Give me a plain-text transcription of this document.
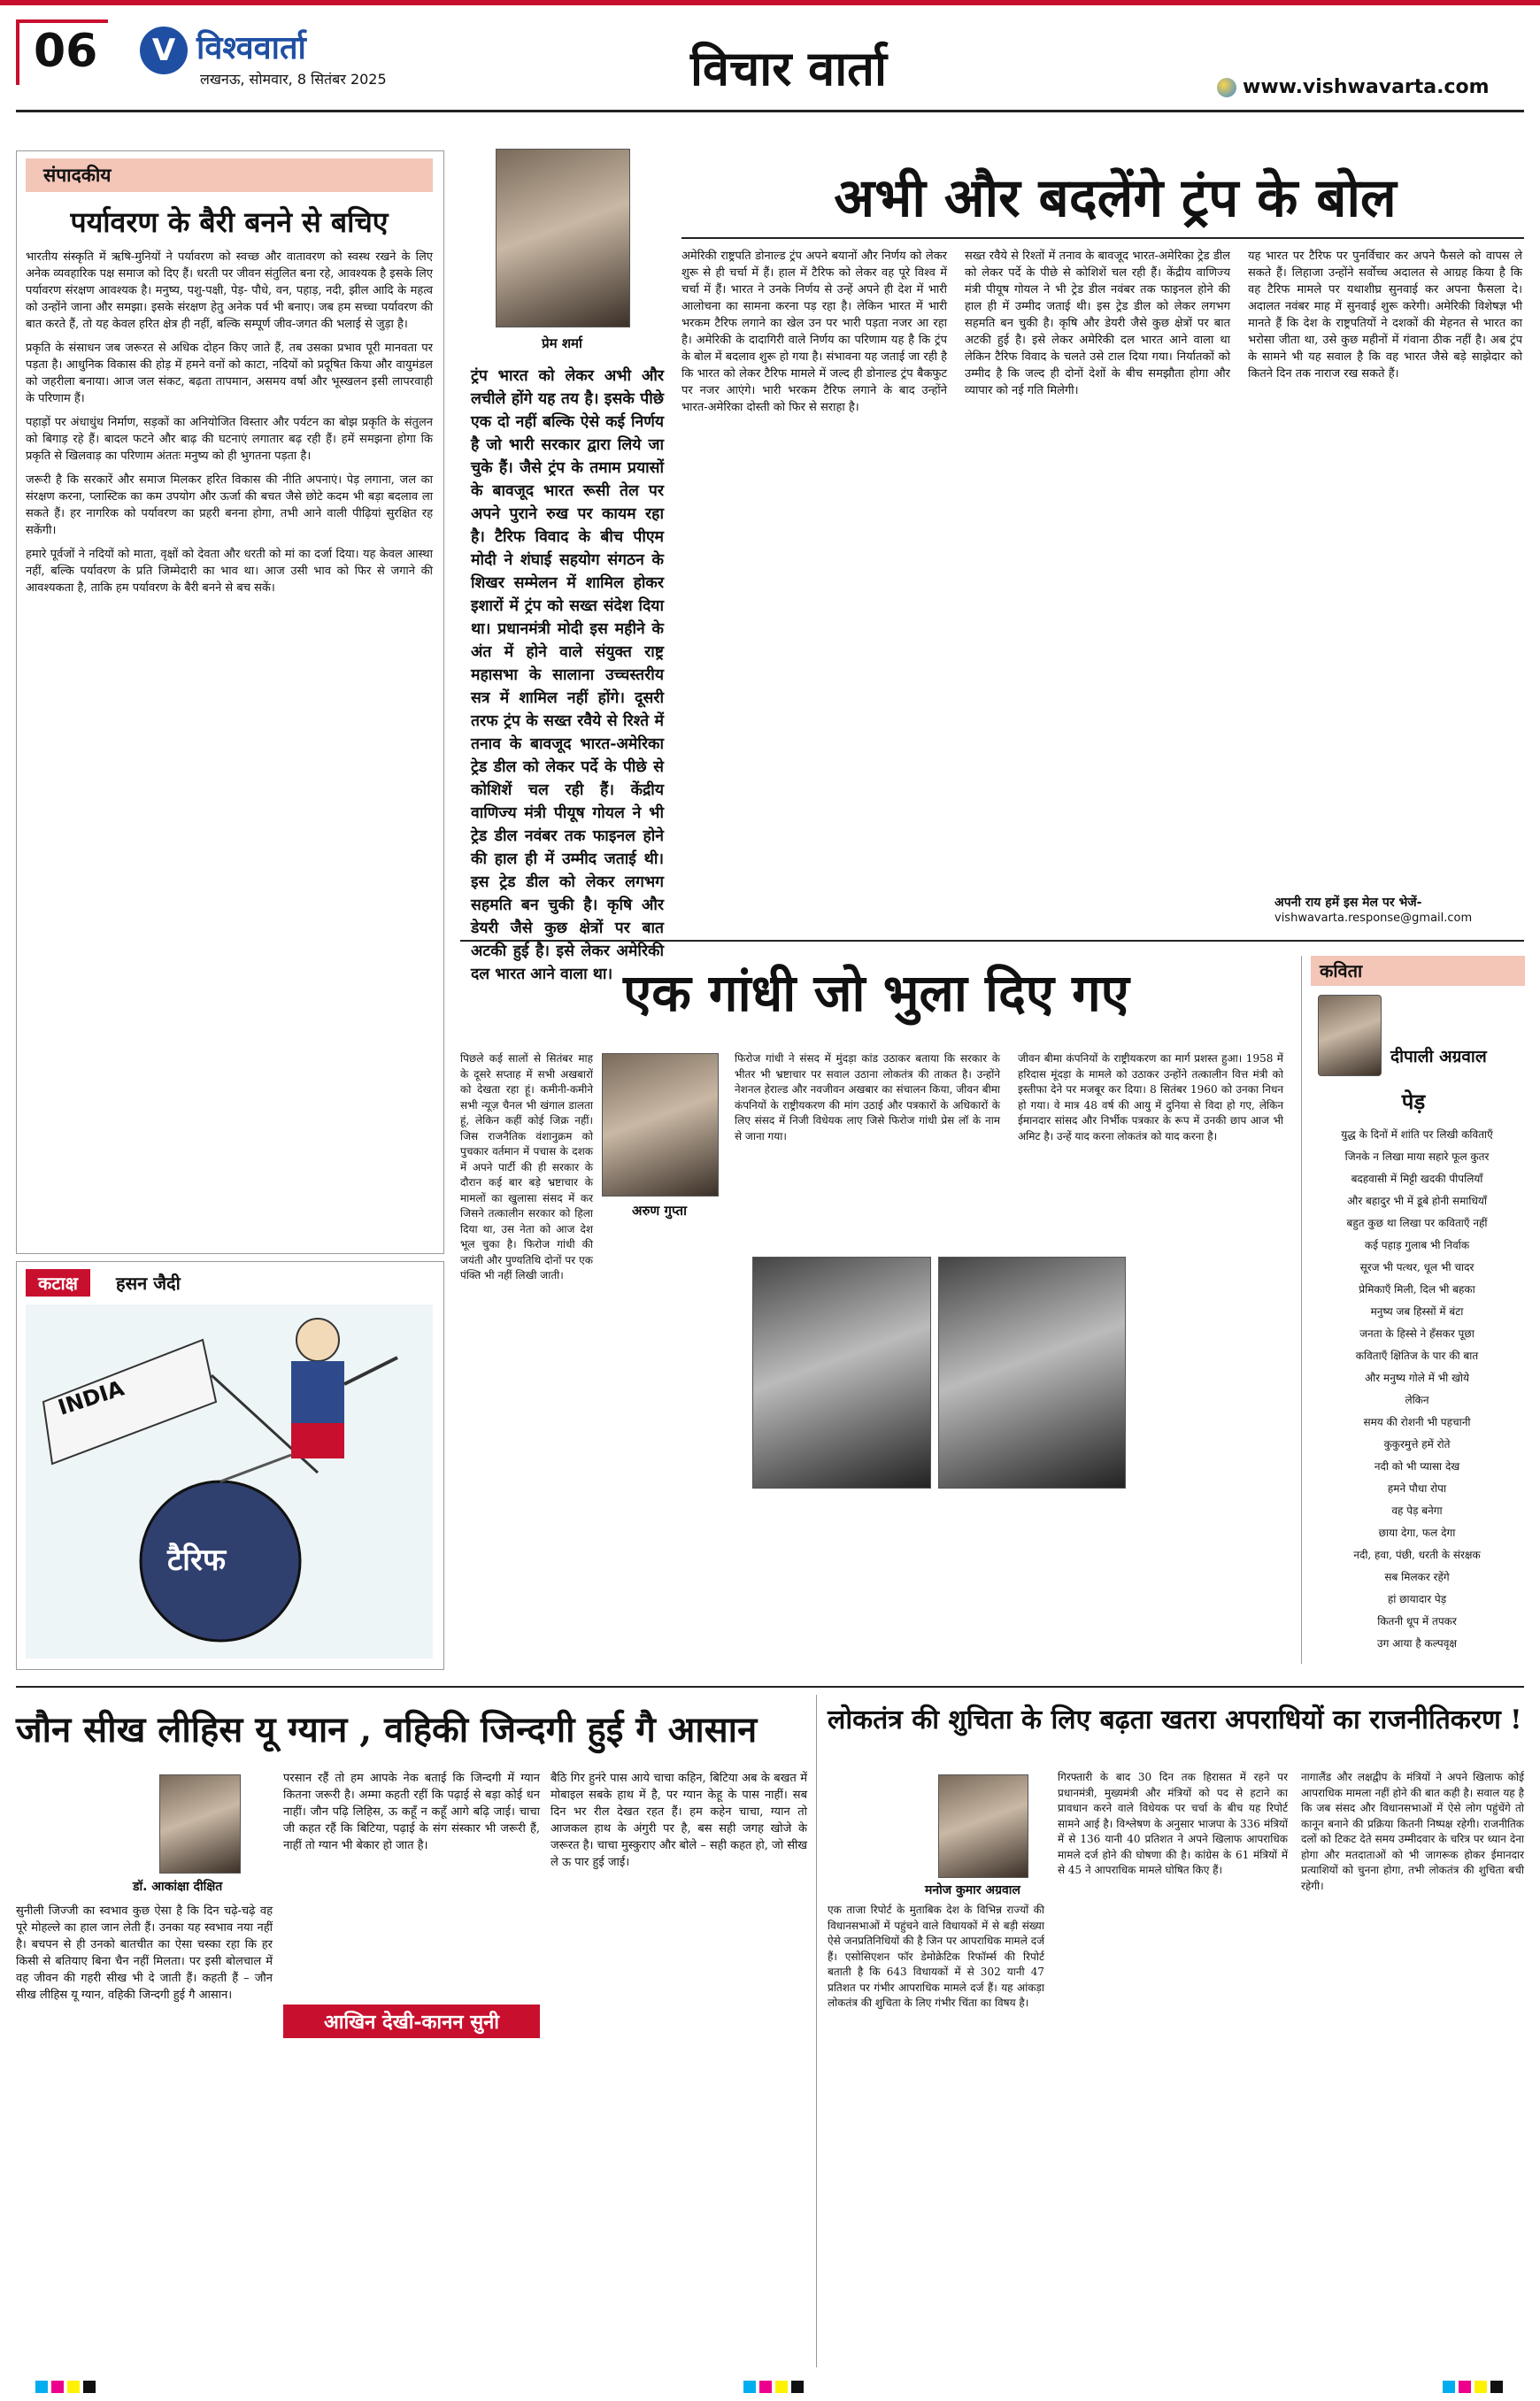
06	V विश्ववार्ता
लखनऊ, सोमवार, 8 सितंबर 2025	विचार वार्ता	www.vishwavarta.com
संपादकीय
पर्यावरण के बैरी बनने से बचिए

भारतीय संस्कृति में ऋषि-मुनियों ने पर्यावरण को स्वच्छ और वातावरण को स्वस्थ रखने के लिए अनेक व्यवहारिक पक्ष समाज को दिए हैं। धरती पर जीवन संतुलित बना रहे, आवश्यक है इसके लिए पर्यावरण संरक्षण आवश्यक है। मनुष्य, पशु-पक्षी, पेड़- पौधे, वन, पहाड़, नदी, झील आदि के महत्व को उन्होंने जाना और समझा। इसके संरक्षण हेतु अनेक पर्व भी बनाए। जब हम सच्चा पर्यावरण की बात करते हैं, तो यह केवल हरित क्षेत्र ही नहीं, बल्कि सम्पूर्ण जीव-जगत की भलाई से जुड़ा है।

प्रकृति के संसाधन जब जरूरत से अधिक दोहन किए जाते हैं, तब उसका प्रभाव पूरी मानवता पर पड़ता है। आधुनिक विकास की होड़ में हमने वनों को काटा, नदियों को प्रदूषित किया और वायुमंडल को जहरीला बनाया। आज जल संकट, बढ़ता तापमान, असमय वर्षा और भूस्खलन इसी लापरवाही के परिणाम हैं।

पहाड़ों पर अंधाधुंध निर्माण, सड़कों का अनियोजित विस्तार और पर्यटन का बोझ प्रकृति के संतुलन को बिगाड़ रहे हैं। बादल फटने और बाढ़ की घटनाएं लगातार बढ़ रही हैं। हमें समझना होगा कि प्रकृति से खिलवाड़ का परिणाम अंततः मनुष्य को ही भुगतना पड़ता है।

जरूरी है कि सरकारें और समाज मिलकर हरित विकास की नीति अपनाएं। पेड़ लगाना, जल का संरक्षण करना, प्लास्टिक का कम उपयोग और ऊर्जा की बचत जैसे छोटे कदम भी बड़ा बदलाव ला सकते हैं। हर नागरिक को पर्यावरण का प्रहरी बनना होगा, तभी आने वाली पीढ़ियां सुरक्षित रह सकेंगी।

हमारे पूर्वजों ने नदियों को माता, वृक्षों को देवता और धरती को मां का दर्जा दिया। यह केवल आस्था नहीं, बल्कि पर्यावरण के प्रति जिम्मेदारी का भाव था। आज उसी भाव को फिर से जगाने की आवश्यकता है, ताकि हम पर्यावरण के बैरी बनने से बच सकें।

कटाक्ष	हसन जैदी
INDIA
टैरिफ
प्रेम शर्मा
ट्रंप भारत को लेकर अभी और लचीले होंगे यह तय है। इसके पीछे एक दो नहीं बल्कि ऐसे कई निर्णय है जो भारी सरकार द्वारा लिये जा चुके हैं। जैसे ट्रंप के तमाम प्रयासों के बावजूद भारत रूसी तेल पर अपने पुराने रुख पर कायम रहा है। टैरिफ विवाद के बीच पीएम मोदी ने शंघाई सहयोग संगठन के शिखर सम्मेलन में शामिल होकर इशारों में ट्रंप को सख्त संदेश दिया था। प्रधानमंत्री मोदी इस महीने के अंत में होने वाले संयुक्त राष्ट्र महासभा के सालाना उच्चस्तरीय सत्र में शामिल नहीं होंगे। दूसरी तरफ ट्रंप के सख्त रवैये से रिश्ते में तनाव के बावजूद भारत-अमेरिका ट्रेड डील को लेकर पर्दे के पीछे से कोशिशें चल रही हैं। केंद्रीय वाणिज्य मंत्री पीयूष गोयल ने भी ट्रेड डील नवंबर तक फाइनल होने की हाल ही में उम्मीद जताई थी। इस ट्रेड डील को लेकर लगभग सहमति बन चुकी है। कृषि और डेयरी जैसे कुछ क्षेत्रों पर बात अटकी हुई है। इसे लेकर अमेरिकी दल भारत आने वाला था।
अभी और बदलेंगे ट्रंप के बोल

अमेरिकी राष्ट्रपति डोनाल्ड ट्रंप अपने बयानों और निर्णय को लेकर शुरू से ही चर्चा में हैं। हाल में टैरिफ को लेकर वह पूरे विश्व में चर्चा में हैं। भारत ने उनके निर्णय से उन्हें अपने ही देश में भारी आलोचना का सामना करना पड़ रहा है। लेकिन भारत में भारी भरकम टैरिफ लगाने का खेल उन पर भारी पड़ता नजर आ रहा है। अमेरिकी के दादागिरी वाले निर्णय का परिणाम यह है कि ट्रंप के बोल में बदलाव शुरू हो गया है। संभावना यह जताई जा रही है कि भारत को लेकर टैरिफ मामले में जल्द ही डोनाल्ड ट्रंप बैकफुट पर नजर आएंगे। भारी भरकम टैरिफ लगाने के बाद उन्होंने भारत-अमेरिका दोस्ती को फिर से सराहा है।

सख्त रवैये से रिश्तों में तनाव के बावजूद भारत-अमेरिका ट्रेड डील को लेकर पर्दे के पीछे से कोशिशें चल रही हैं। केंद्रीय वाणिज्य मंत्री पीयूष गोयल ने भी ट्रेड डील नवंबर तक फाइनल होने की हाल ही में उम्मीद जताई थी। इस ट्रेड डील को लेकर लगभग सहमति बन चुकी है। कृषि और डेयरी जैसे कुछ क्षेत्रों पर बात अटकी हुई है। इसे लेकर अमेरिकी दल भारत आने वाला था लेकिन टैरिफ विवाद के चलते उसे टाल दिया गया। निर्यातकों को उम्मीद है कि जल्द ही दोनों देशों के बीच समझौता होगा और व्यापार को नई गति मिलेगी।

यह भारत पर टैरिफ पर पुनर्विचार कर अपने फैसले को वापस ले सकते हैं। लिहाजा उन्होंने सर्वोच्च अदालत से आग्रह किया है कि वह टैरिफ मामले पर यथाशीघ्र सुनवाई कर अपना फैसला दे। अदालत नवंबर माह में सुनवाई शुरू करेगी। अमेरिकी विशेषज्ञ भी मानते हैं कि देश के राष्ट्रपतियों ने दशकों की मेहनत से भारत का भरोसा जीता था, उसे कुछ महीनों में गंवाना ठीक नहीं है। अब ट्रंप के सामने भी यह सवाल है कि वह भारत जैसे बड़े साझेदार को कितने दिन तक नाराज रख सकते हैं।

अपनी राय हमें इस मेल पर भेजें-
vishwavarta.response@gmail.com
एक गांधी जो भुला दिए गए
अरुण गुप्ता

पिछले कई सालों से सितंबर माह के दूसरे सप्ताह में सभी अखबारों को देखता रहा हूं। कमीनी-कमीने सभी न्यूज़ चैनल भी खंगाल डालता हूं, लेकिन कहीं कोई जिक्र नहीं। जिस राजनैतिक वंशानुक्रम को पुचकार वर्तमान में पचास के दशक में अपने पार्टी की ही सरकार के दौरान कई बार बड़े भ्रष्टाचार के मामलों का खुलासा संसद में कर जिसने तत्कालीन सरकार को हिला दिया था, उस नेता को आज देश भूल चुका है। फिरोज गांधी की जयंती और पुण्यतिथि दोनों पर एक पंक्ति भी नहीं लिखी जाती।

फिरोज गांधी ने संसद में मुंदड़ा कांड उठाकर बताया कि सरकार के भीतर भी भ्रष्टाचार पर सवाल उठाना लोकतंत्र की ताकत है। उन्होंने नेशनल हेराल्ड और नवजीवन अखबार का संचालन किया, जीवन बीमा कंपनियों के राष्ट्रीयकरण की मांग उठाई और पत्रकारों के अधिकारों के लिए संसद में निजी विधेयक लाए जिसे फिरोज गांधी प्रेस लॉ के नाम से जाना गया।

जीवन बीमा कंपनियों के राष्ट्रीयकरण का मार्ग प्रशस्त हुआ। 1958 में हरिदास मूंदड़ा के मामले को उठाकर उन्होंने तत्कालीन वित्त मंत्री को इस्तीफा देने पर मजबूर कर दिया। 8 सितंबर 1960 को उनका निधन हो गया। वे मात्र 48 वर्ष की आयु में दुनिया से विदा हो गए, लेकिन ईमानदार सांसद और निर्भीक पत्रकार के रूप में उनकी छाप आज भी अमिट है। उन्हें याद करना लोकतंत्र को याद करना है।

कविता
दीपाली अग्रवाल
पेड़
युद्ध के दिनों में शांति पर लिखी कविताएँ
जिनके न लिखा माया सहारे फूल कुतर
बदहवासी में मिट्टी खदकी पीपलियाँ
और बहादुर भी में डूबे होनी समाधियाँ
बहुत कुछ था लिखा पर कविताएँ नहीं
कई पहाड़ गुलाब भी निर्वाक
सूरज भी पत्थर, धूल भी चादर
प्रेमिकाएँ मिली, दिल भी बहका
मनुष्य जब हिस्सों में बंटा
जनता के हिस्से ने हँसकर पूछा
कविताएँ क्षितिज के पार की बात
और मनुष्य गोले में भी खोये
लेकिन
समय की रोशनी भी पहचानी
कुकुरमुत्ते हमें रोते
नदी को भी प्यासा देख
हमने पौधा रोपा
वह पेड़ बनेगा
छाया देगा, फल देगा
नदी, हवा, पंछी, धरती के संरक्षक
सब मिलकर रहेंगे
हां छायादार पेड़
कितनी धूप में तपकर
उग आया है कल्पवृक्ष
जौन सीख लीहिस यू ग्यान , वहिकी जिन्दगी हुई गै आसान
डॉ. आकांक्षा दीक्षित

सुनीली जिज्जी का स्वभाव कुछ ऐसा है कि दिन चढ़े-चढ़े वह पूरे मोहल्ले का हाल जान लेती हैं। उनका यह स्वभाव नया नहीं है। बचपन से ही उनको बातचीत का ऐसा चस्का रहा कि हर किसी से बतियाए बिना चैन नहीं मिलता। पर इसी बोलचाल में वह जीवन की गहरी सीख भी दे जाती हैं। कहती हैं – जौन सीख लीहिस यू ग्यान, वहिकी जिन्दगी हुई गै आसान।

परसान रहैं तो हम आपके नेक बताई कि जिन्दगी में ग्यान कितना जरूरी है। अम्मा कहती रहीं कि पढ़ाई से बड़ा कोई धन नाहीं। जौन पढ़ि लिहिस, ऊ कहूँ न कहूँ आगे बढ़ि जाई। चाचा जी कहत रहैं कि बिटिया, पढ़ाई के संग संस्कार भी जरूरी हैं, नाहीं तो ग्यान भी बेकार हो जात है।

आखिन देखी-कानन सुनी

बैठि गिर हुनंरे पास आये चाचा कहिन, बिटिया अब के बखत में मोबाइल सबके हाथ में है, पर ग्यान केहू के पास नाहीं। सब दिन भर रील देखत रहत हैं। हम कहेन चाचा, ग्यान तो आजकल हाथ के अंगुरी पर है, बस सही जगह खोजे के जरूरत है। चाचा मुस्कुराए और बोले – सही कहत हो, जो सीख ले ऊ पार हुई जाई।

लोकतंत्र की शुचिता के लिए बढ़ता खतरा अपराधियों का राजनीतिकरण !
मनोज कुमार अग्रवाल

एक ताजा रिपोर्ट के मुताबिक देश के विभिन्न राज्यों की विधानसभाओं में पहुंचने वाले विधायकों में से बड़ी संख्या ऐसे जनप्रतिनिधियों की है जिन पर आपराधिक मामले दर्ज हैं। एसोसिएशन फॉर डेमोक्रेटिक रिफॉर्म्स की रिपोर्ट बताती है कि 643 विधायकों में से 302 यानी 47 प्रतिशत पर गंभीर आपराधिक मामले दर्ज हैं। यह आंकड़ा लोकतंत्र की शुचिता के लिए गंभीर चिंता का विषय है।

गिरफ्तारी के बाद 30 दिन तक हिरासत में रहने पर प्रधानमंत्री, मुख्यमंत्री और मंत्रियों को पद से हटाने का प्रावधान करने वाले विधेयक पर चर्चा के बीच यह रिपोर्ट सामने आई है। विश्लेषण के अनुसार भाजपा के 336 मंत्रियों में से 136 यानी 40 प्रतिशत ने अपने खिलाफ आपराधिक मामले दर्ज होने की घोषणा की है। कांग्रेस के 61 मंत्रियों में से 45 ने आपराधिक मामले घोषित किए हैं।

नागालैंड और लक्षद्वीप के मंत्रियों ने अपने खिलाफ कोई आपराधिक मामला नहीं होने की बात कही है। सवाल यह है कि जब संसद और विधानसभाओं में ऐसे लोग पहुंचेंगे तो कानून बनाने की प्रक्रिया कितनी निष्पक्ष रहेगी। राजनीतिक दलों को टिकट देते समय उम्मीदवार के चरित्र पर ध्यान देना होगा और मतदाताओं को भी जागरूक होकर ईमानदार प्रत्याशियों को चुनना होगा, तभी लोकतंत्र की शुचिता बची रहेगी।
